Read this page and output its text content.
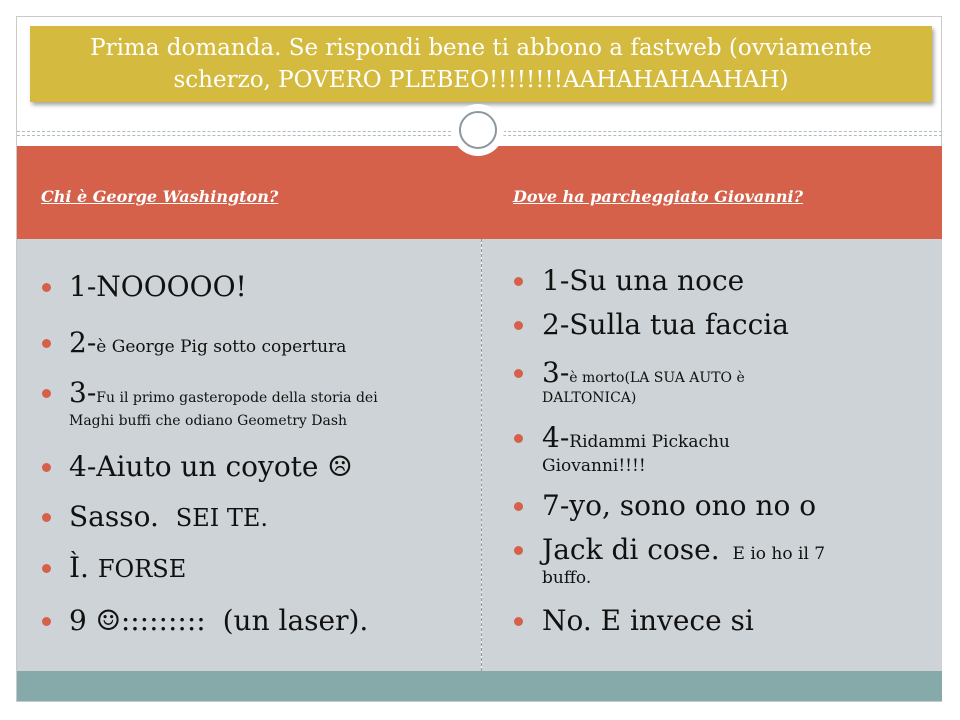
Prima domanda. Se rispondi bene ti abbono a fastweb (ovviamente
scherzo, POVERO PLEBEO!!!!!!!!AAHAHAHAAHAH)
Chi è George Washington?	Dove ha parcheggiato Giovanni?
1-NOOOOO!
2-è George Pig sotto copertura
3-Fu il primo gasteropode della storia dei
Maghi buffi che odiano Geometry Dash
4-Aiuto un coyote ☹
Sasso. SEI TE.
Ì. FORSE
9 ☺::::::::: (un laser).
1-Su una noce
2-Sulla tua faccia
3-è morto(LA SUA AUTO è
DALTONICA)
4-Ridammi Pickachu
Giovanni!!!!
7-yo, sono ono no o
Jack di cose. E io ho il 7
buffo.
No. E invece si
